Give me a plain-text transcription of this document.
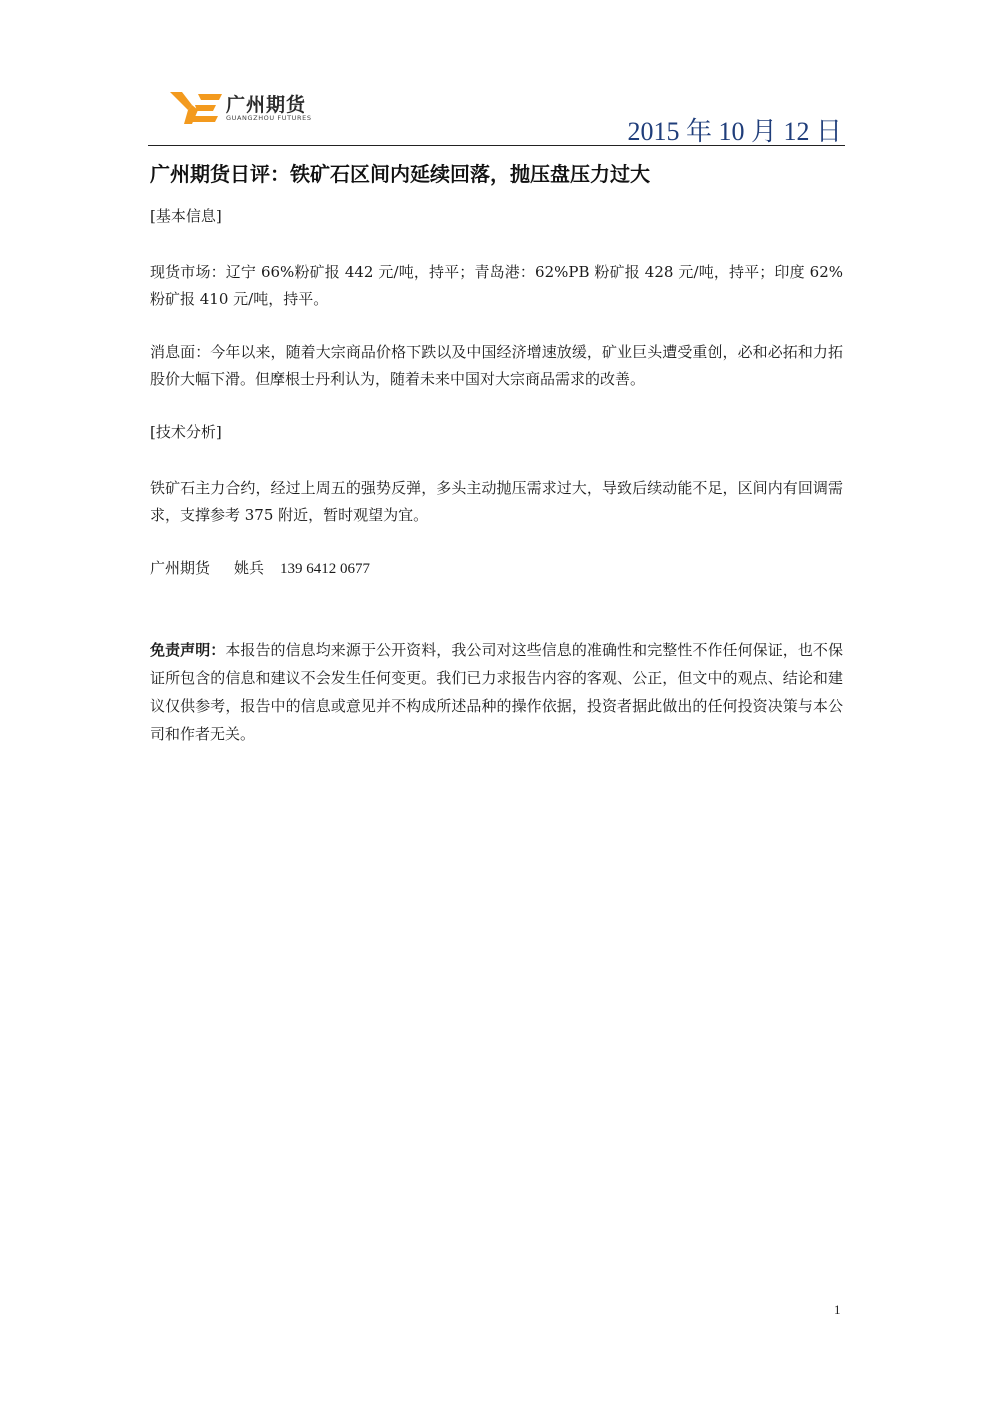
广州期货
GUANGZHOU FUTURES	2015 年 10 月 12 日
广州期货日评：铁矿石区间内延续回落，抛压盘压力过大

[基本信息]

现货市场：辽宁 66%粉矿报 442 元/吨，持平；青岛港：62%PB 粉矿报 428 元/吨，持平；印度 62%粉矿报 410 元/吨，持平。

消息面：今年以来，随着大宗商品价格下跌以及中国经济增速放缓，矿业巨头遭受重创，必和必拓和力拓股价大幅下滑。但摩根士丹利认为，随着未来中国对大宗商品需求的改善。

[技术分析]

铁矿石主力合约，经过上周五的强势反弹，多头主动抛压需求过大，导致后续动能不足，区间内有回调需求，支撑参考 375 附近，暂时观望为宜。

广州期货 姚兵 139 6412 0677

免责声明：本报告的信息均来源于公开资料，我公司对这些信息的准确性和完整性不作任何保证，也不保证所包含的信息和建议不会发生任何变更。我们已力求报告内容的客观、公正，但文中的观点、结论和建议仅供参考，报告中的信息或意见并不构成所述品种的操作依据，投资者据此做出的任何投资决策与本公司和作者无关。

1
